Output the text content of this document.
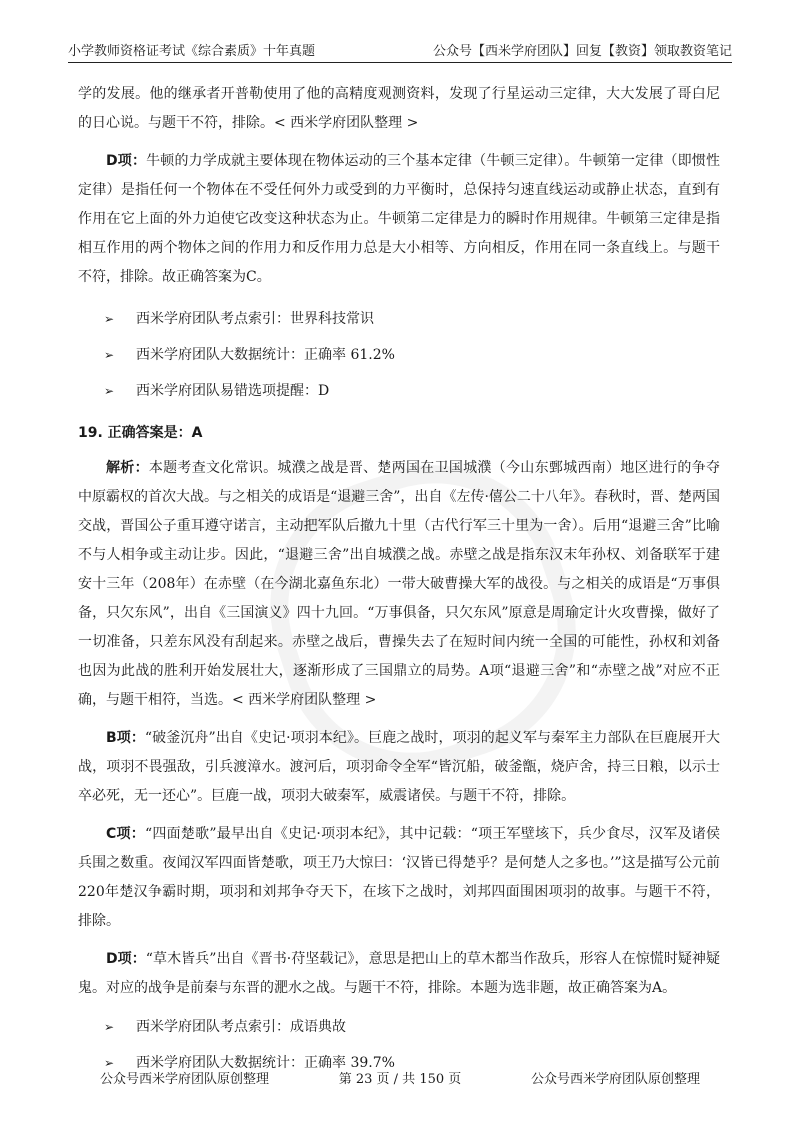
小学教师资格证考试《综合素质》十年真题	公众号【西米学府团队】回复【教资】领取教资笔记

学的发展。他的继承者开普勒使用了他的高精度观测资料，发现了行星运动三定律，大大发展了哥白尼的日心说。与题干不符，排除。< 西米学府团队整理 >

D项：牛顿的力学成就主要体现在物体运动的三个基本定律（牛顿三定律）。牛顿第一定律（即惯性定律）是指任何一个物体在不受任何外力或受到的力平衡时，总保持匀速直线运动或静止状态，直到有作用在它上面的外力迫使它改变这种状态为止。牛顿第二定律是力的瞬时作用规律。牛顿第三定律是指相互作用的两个物体之间的作用力和反作用力总是大小相等、方向相反，作用在同一条直线上。与题干不符，排除。故正确答案为C。

➢ 西米学府团队考点索引：世界科技常识
➢ 西米学府团队大数据统计：正确率 61.2%
➢ 西米学府团队易错选项提醒：D
19. 正确答案是：A

解析：本题考查文化常识。城濮之战是晋、楚两国在卫国城濮（今山东鄄城西南）地区进行的争夺中原霸权的首次大战。与之相关的成语是“退避三舍”，出自《左传·僖公二十八年》。春秋时，晋、楚两国交战，晋国公子重耳遵守诺言，主动把军队后撤九十里（古代行军三十里为一舍）。后用“退避三舍”比喻不与人相争或主动让步。因此，“退避三舍”出自城濮之战。赤壁之战是指东汉末年孙权、刘备联军于建安十三年（208年）在赤壁（在今湖北嘉鱼东北）一带大破曹操大军的战役。与之相关的成语是“万事俱备，只欠东风”，出自《三国演义》四十九回。“万事俱备，只欠东风”原意是周瑜定计火攻曹操，做好了一切准备，只差东风没有刮起来。赤壁之战后，曹操失去了在短时间内统一全国的可能性，孙权和刘备也因为此战的胜利开始发展壮大，逐渐形成了三国鼎立的局势。A项“退避三舍”和“赤壁之战”对应不正确，与题干相符，当选。< 西米学府团队整理 >

B项：“破釜沉舟”出自《史记·项羽本纪》。巨鹿之战时，项羽的起义军与秦军主力部队在巨鹿展开大战，项羽不畏强敌，引兵渡漳水。渡河后，项羽命令全军“皆沉船，破釜甑，烧庐舍，持三日粮，以示士卒必死，无一还心”。巨鹿一战，项羽大破秦军，威震诸侯。与题干不符，排除。

C项：“四面楚歌”最早出自《史记·项羽本纪》，其中记载：“项王军壁垓下，兵少食尽，汉军及诸侯兵围之数重。夜闻汉军四面皆楚歌，项王乃大惊曰：‘汉皆已得楚乎？是何楚人之多也。’”这是描写公元前220年楚汉争霸时期，项羽和刘邦争夺天下，在垓下之战时，刘邦四面围困项羽的故事。与题干不符，排除。

D项：“草木皆兵”出自《晋书·苻坚载记》，意思是把山上的草木都当作敌兵，形容人在惊慌时疑神疑鬼。对应的战争是前秦与东晋的淝水之战。与题干不符，排除。本题为选非题，故正确答案为A。

➢ 西米学府团队考点索引：成语典故
➢ 西米学府团队大数据统计：正确率 39.7%
公众号西米学府团队原创整理	第 23 页 / 共 150 页	公众号西米学府团队原创整理
